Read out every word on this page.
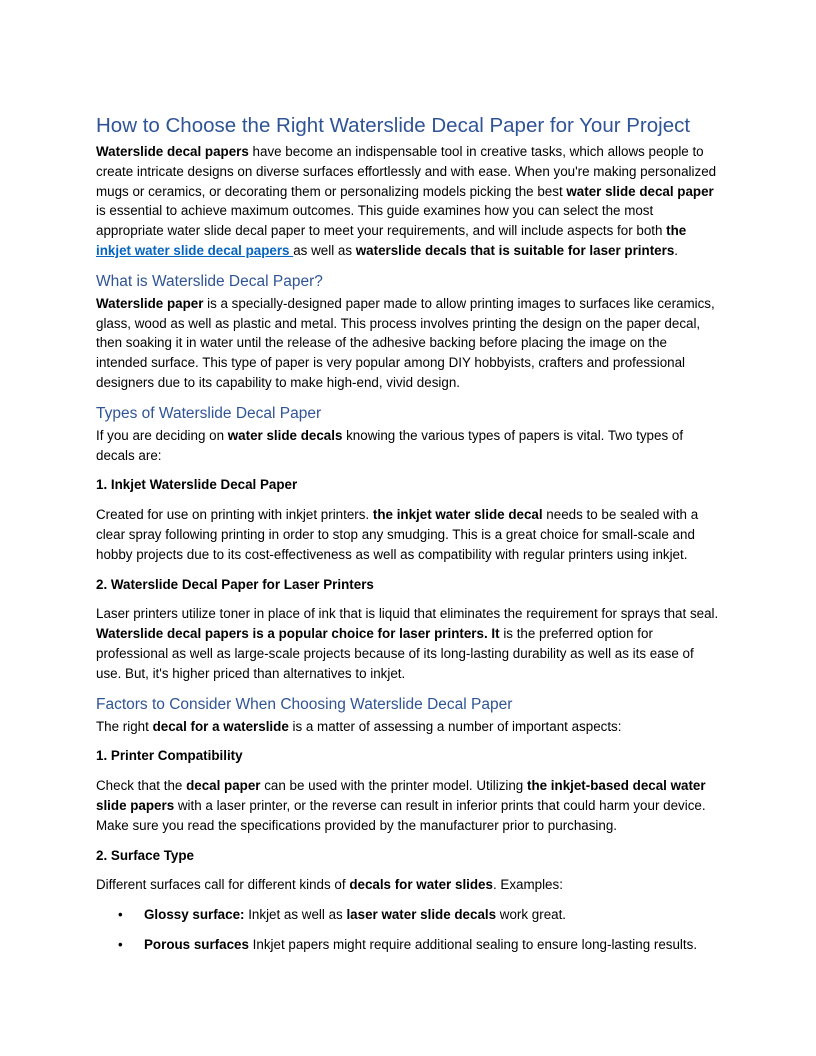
How to Choose the Right Waterslide Decal Paper for Your Project

Waterslide decal papers have become an indispensable tool in creative tasks, which allows people to create intricate designs on diverse surfaces effortlessly and with ease. When you're making personalized mugs or ceramics, or decorating them or personalizing models picking the best water slide decal paper is essential to achieve maximum outcomes. This guide examines how you can select the most appropriate water slide decal paper to meet your requirements, and will include aspects for both the inkjet water slide decal papers as well as waterslide decals that is suitable for laser printers.

What is Waterslide Decal Paper?

Waterslide paper is a specially-designed paper made to allow printing images to surfaces like ceramics, glass, wood as well as plastic and metal. This process involves printing the design on the paper decal, then soaking it in water until the release of the adhesive backing before placing the image on the intended surface. This type of paper is very popular among DIY hobbyists, crafters and professional designers due to its capability to make high-end, vivid design.

Types of Waterslide Decal Paper

If you are deciding on water slide decals knowing the various types of papers is vital. Two types of decals are:

1. Inkjet Waterslide Decal Paper

Created for use on printing with inkjet printers. the inkjet water slide decal needs to be sealed with a clear spray following printing in order to stop any smudging. This is a great choice for small-scale and hobby projects due to its cost-effectiveness as well as compatibility with regular printers using inkjet.

2. Waterslide Decal Paper for Laser Printers

Laser printers utilize toner in place of ink that is liquid that eliminates the requirement for sprays that seal. Waterslide decal papers is a popular choice for laser printers. It is the preferred option for professional as well as large-scale projects because of its long-lasting durability as well as its ease of use. But, it's higher priced than alternatives to inkjet.

Factors to Consider When Choosing Waterslide Decal Paper

The right decal for a waterslide is a matter of assessing a number of important aspects:

1. Printer Compatibility

Check that the decal paper can be used with the printer model. Utilizing the inkjet-based decal water slide papers with a laser printer, or the reverse can result in inferior prints that could harm your device. Make sure you read the specifications provided by the manufacturer prior to purchasing.

2. Surface Type

Different surfaces call for different kinds of decals for water slides. Examples:

• Glossy surface: Inkjet as well as laser water slide decals work great.
• Porous surfaces Inkjet papers might require additional sealing to ensure long-lasting results.
